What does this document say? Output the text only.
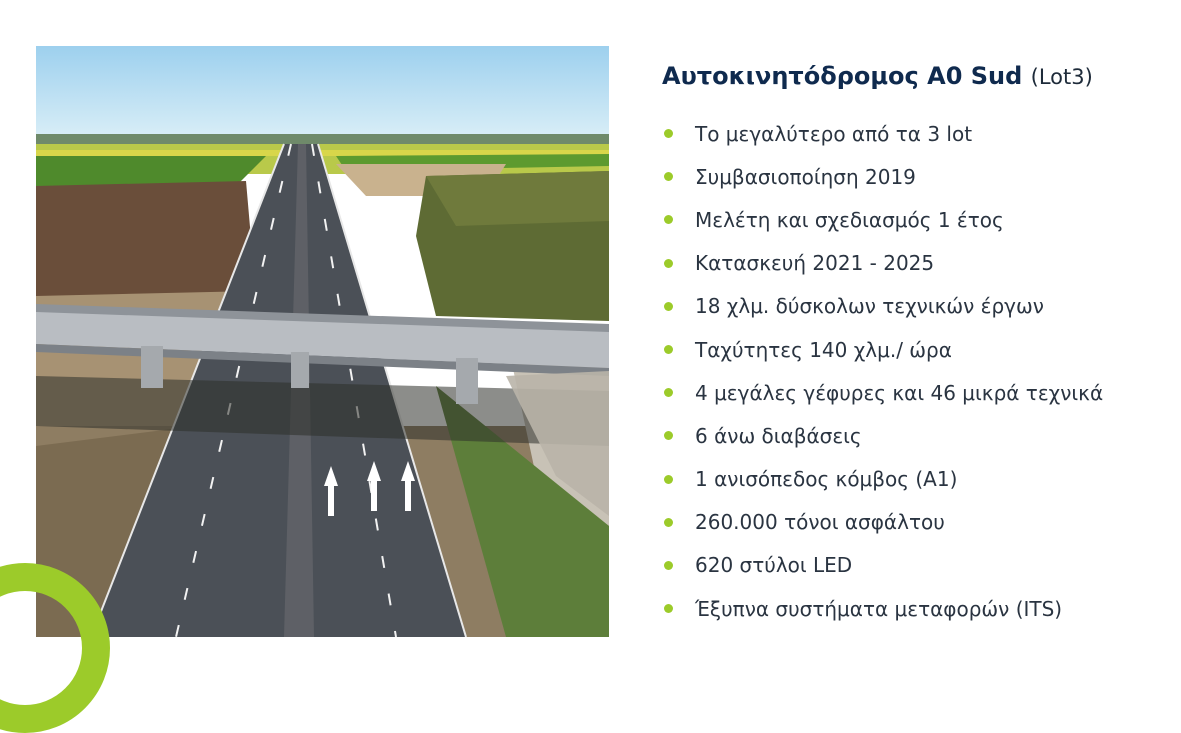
Αυτοκινητόδρομος A0 Sud (Lot3)
Το μεγαλύτερο από τα 3 lot
Συμβασιοποίηση 2019
Μελέτη και σχεδιασμός 1 έτος
Κατασκευή 2021 - 2025
18 χλμ. δύσκολων τεχνικών έργων
Ταχύτητες 140 χλμ./ ώρα
4 μεγάλες γέφυρες και 46 μικρά τεχνικά
6 άνω διαβάσεις
1 ανισόπεδος κόμβος (A1)
260.000 τόνοι ασφάλτου
620 στύλοι LED
Έξυπνα συστήματα μεταφορών (ITS)
